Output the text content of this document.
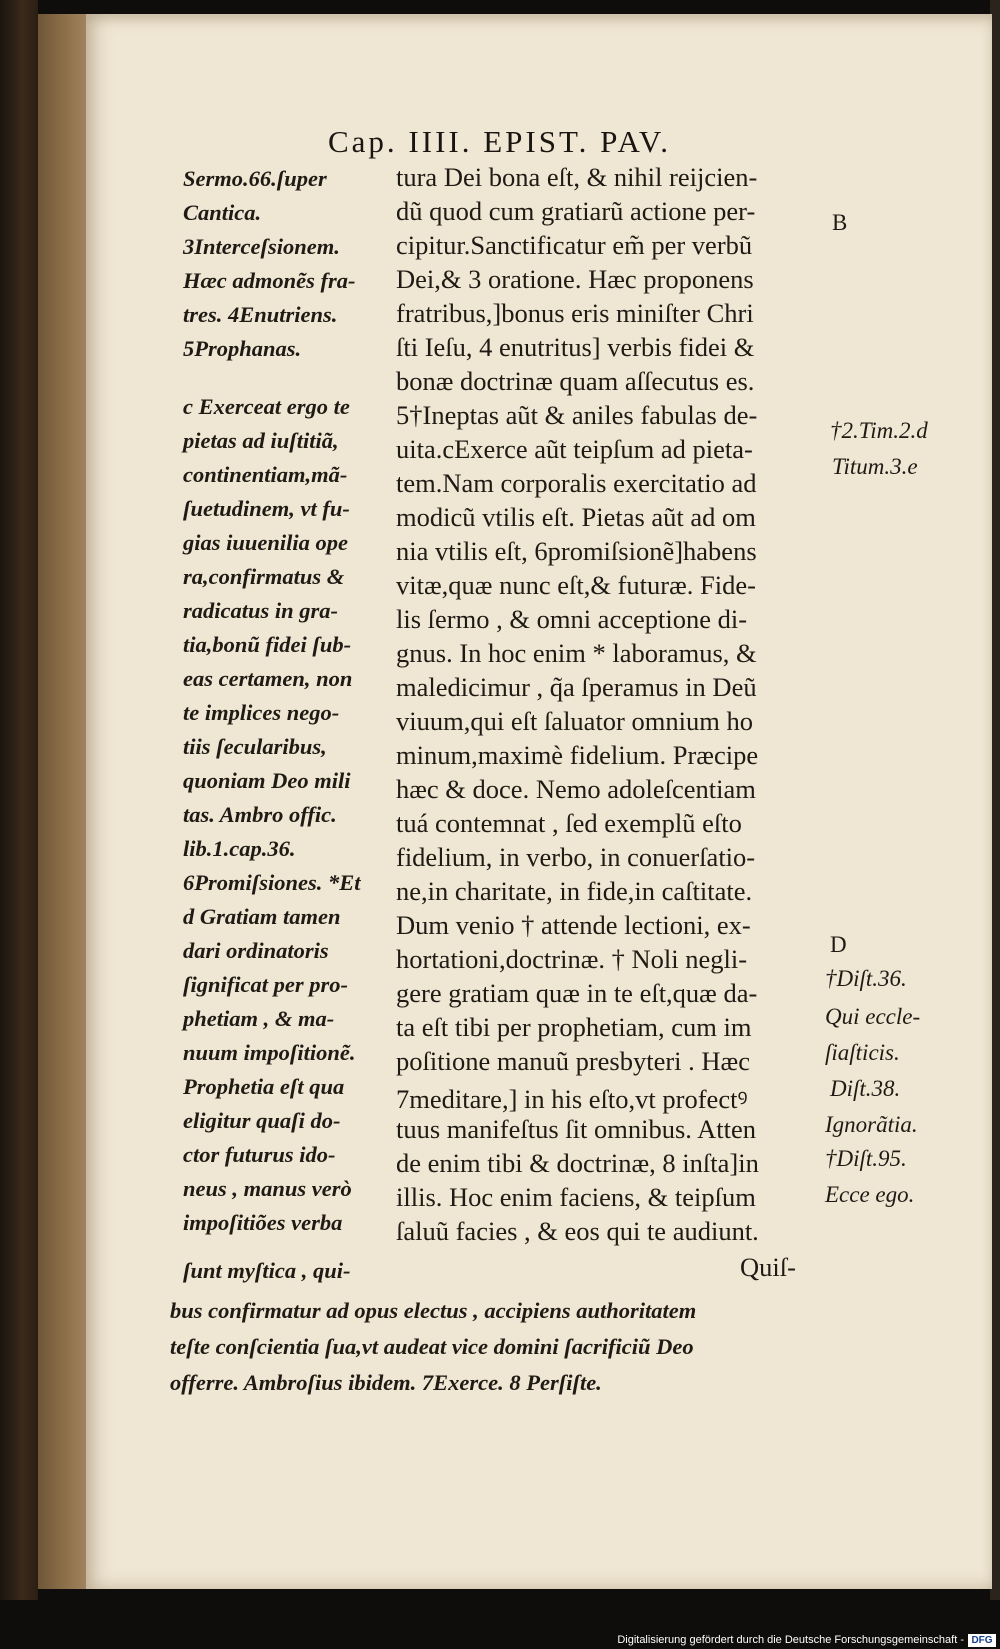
Cap. IIII. EPIST. PAV.
tura Dei bona eſt, & nihil reijcien-
dũ quod cum gratiarũ actione per-
cipitur.Sanctificatur em̃ per verbũ
Dei,& 3 oratione. Hæc proponens
fratribus,]bonus eris miniſter Chri
ſti Ieſu, 4 enutritus] verbis fidei &
bonæ doctrinæ quam aſſecutus es.
5†Ineptas aũt & aniles fabulas de-
uita.cExerce aũt teipſum ad pieta-
tem.Nam corporalis exercitatio ad
modicũ vtilis eſt. Pietas aũt ad om
nia vtilis eſt, 6promiſsionẽ]habens
vitæ,quæ nunc eſt,& futuræ. Fide-
lis ſermo , & omni acceptione di-
gnus. In hoc enim * laboramus, &
maledicimur , q̃a ſperamus in Deũ
viuum,qui eſt ſaluator omnium ho
minum,maximè fidelium. Præcipe
hæc & doce. Nemo adoleſcentiam
tuá contemnat , ſed exemplũ eſto
fidelium, in verbo, in conuerſatio-
ne,in charitate, in fide,in caſtitate.
Dum venio † attende lectioni, ex-
hortationi,doctrinæ. † Noli negli-
gere gratiam quæ in te eſt,quæ da-
ta eſt tibi per prophetiam, cum im
poſitione manuũ presbyteri . Hæc
7meditare,] in his eſto,vt profectꝰ
tuus manifeſtus ſit omnibus. Atten
de enim tibi & doctrinæ, 8 inſta]in
illis. Hoc enim faciens, & teipſum
ſaluũ facies , & eos qui te audiunt.
Quiſ-
Sermo.66.ſuper
Cantica.
3Interceſsionem.
Hæc admonẽs fra-
tres. 4Enutriens.
5Prophanas.
c Exerceat ergo te
pietas ad iuſtitiã,
continentiam,mã-
ſuetudinem, vt fu-
gias iuuenilia ope
ra,confirmatus &
radicatus in gra-
tia,bonũ fidei ſub-
eas certamen, non
te implices nego-
tiis ſecularibus,
quoniam Deo mili
tas. Ambro offic.
lib.1.cap.36.
6Promiſsiones. *Et
d Gratiam tamen
dari ordinatoris
ſignificat per pro-
phetiam , & ma-
nuum impoſitionẽ.
Prophetia eſt qua
eligitur quaſi do-
ctor futurus ido-
neus , manus verò
impoſitiões verba
ſunt myſtica , qui-
bus confirmatur ad opus electus , accipiens authoritatem
teſte conſcientia ſua,vt audeat vice domini ſacrificiũ Deo
offerre. Ambroſius ibidem. 7Exerce. 8 Perſiſte.
B
†2.Tim.2.d
Titum.3.e
D
†Diſt.36.
Qui eccle-
ſiaſticis.
Diſt.38.
Ignorãtia.
†Diſt.95.
Ecce ego.
Digitalisierung gefördert durch die Deutsche Forschungsgemeinschaft - DFG
